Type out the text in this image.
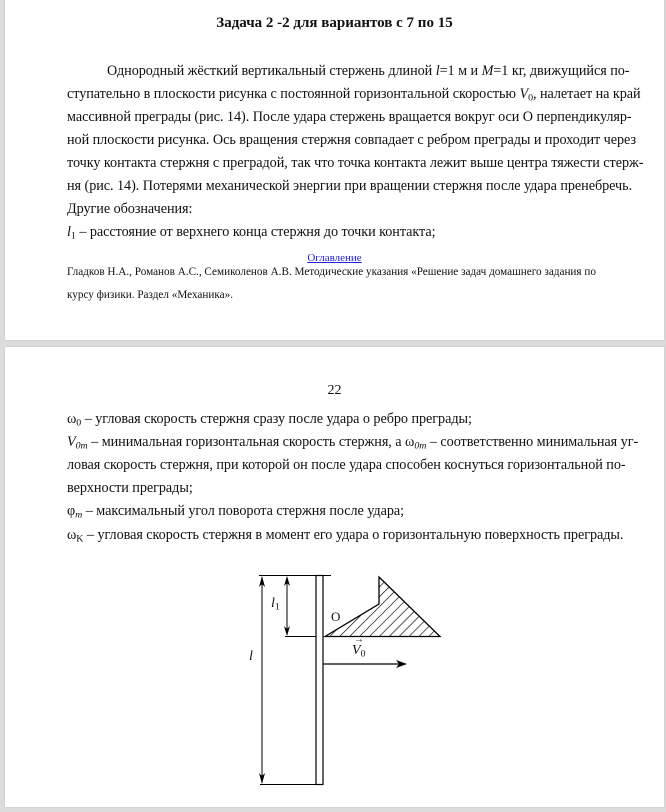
Задача 2 -2 для вариантов с 7 по 15
Однородный жёсткий вертикальный стержень длиной l=1 м и M=1 кг, движущийся по-
ступательно в плоскости рисунка с постоянной горизонтальной скоростью $V_0$, налетает на край
массивной преграды (рис. 14). После удара стержень вращается вокруг оси О перпендикуляр-
ной плоскости рисунка. Ось вращения стержня совпадает с ребром преграды и проходит через
точку контакта стержня с преградой, так что точка контакта лежит выше центра тяжести стерж-
ня (рис. 14). Потерями механической энергии при вращении стержня после удара пренебречь.
Другие обозначения:
$l_1$ – расстояние от верхнего конца стержня до точки контакта;
Оглавление
Гладков Н.А., Романов А.С., Семиколенов А.В. Методические указания «Решение задач домашнего задания по
курсу физики. Раздел «Механика».
22
$\omega_0$ – угловая скорость стержня сразу после удара о ребро преграды;
$V_{0m}$ – минимальная горизонтальная скорость стержня, а $\omega_{0m}$ – соответственно минимальная уг-
ловая скорость стержня, при которой он после удара способен коснуться горизонтальной по-
верхности преграды;
$\varphi_m$ – максимальный угол поворота стержня после удара;
$\omega_K$ – угловая скорость стержня в момент его удара о горизонтальную поверхность преграды.
l
$l_1$
O
→
$V_0$
